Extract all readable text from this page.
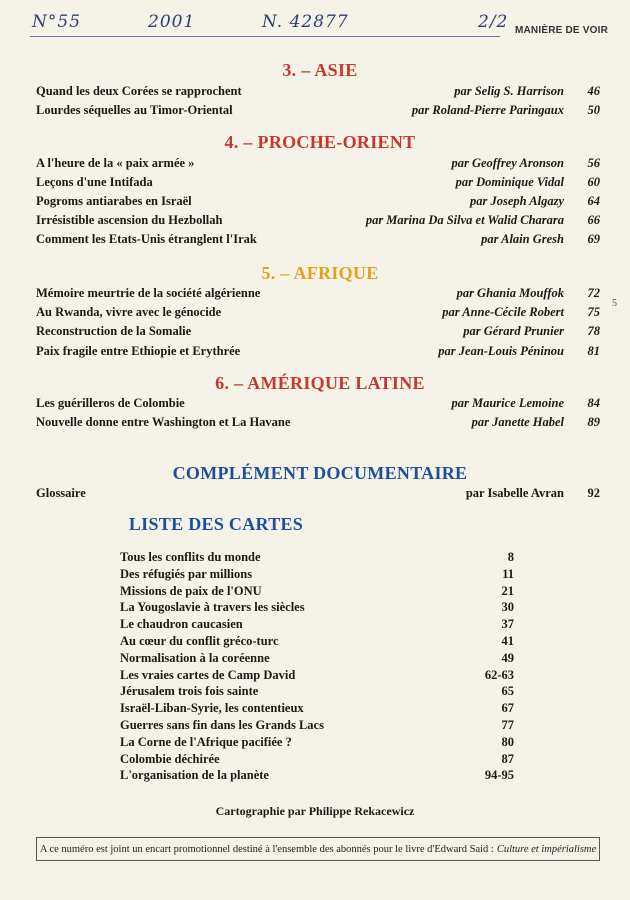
N°55	2001	N. 42877	2/2 MANIÈRE DE VOIR
5
3. – ASIE
Quand les deux Corées se rapprochent	par Selig S. Harrison 46
Lourdes séquelles au Timor-Oriental	par Roland-Pierre Paringaux 50
4. – PROCHE-ORIENT
A l'heure de la « paix armée »	par Geoffrey Aronson 56
Leçons d'une Intifada	par Dominique Vidal 60
Pogroms antiarabes en Israël	par Joseph Algazy 64
Irrésistible ascension du Hezbollah	par Marina Da Silva et Walid Charara 66
Comment les Etats-Unis étranglent l'Irak	par Alain Gresh 69
5. – AFRIQUE
Mémoire meurtrie de la société algérienne	par Ghania Mouffok 72
Au Rwanda, vivre avec le génocide	par Anne-Cécile Robert 75
Reconstruction de la Somalie	par Gérard Prunier 78
Paix fragile entre Ethiopie et Erythrée	par Jean-Louis Péninou 81
6. – AMÉRIQUE LATINE
Les guérilleros de Colombie	par Maurice Lemoine 84
Nouvelle donne entre Washington et La Havane	par Janette Habel 89
COMPLÉMENT DOCUMENTAIRE
Glossaire	par Isabelle Avran 92
LISTE DES CARTES
Tous les conflits du monde	8
Des réfugiés par millions	11
Missions de paix de l'ONU	21
La Yougoslavie à travers les siècles	30
Le chaudron caucasien	37
Au cœur du conflit gréco-turc	41
Normalisation à la coréenne	49
Les vraies cartes de Camp David	62-63
Jérusalem trois fois sainte	65
Israël-Liban-Syrie, les contentieux	67
Guerres sans fin dans les Grands Lacs	77
La Corne de l'Afrique pacifiée ?	80
Colombie déchirée	87
L'organisation de la planète	94-95
Cartographie par Philippe Rekacewicz
A ce numéro est joint un encart promotionnel destiné à l'ensemble des abonnés pour le livre d'Edward Said : Culture et impérialisme
